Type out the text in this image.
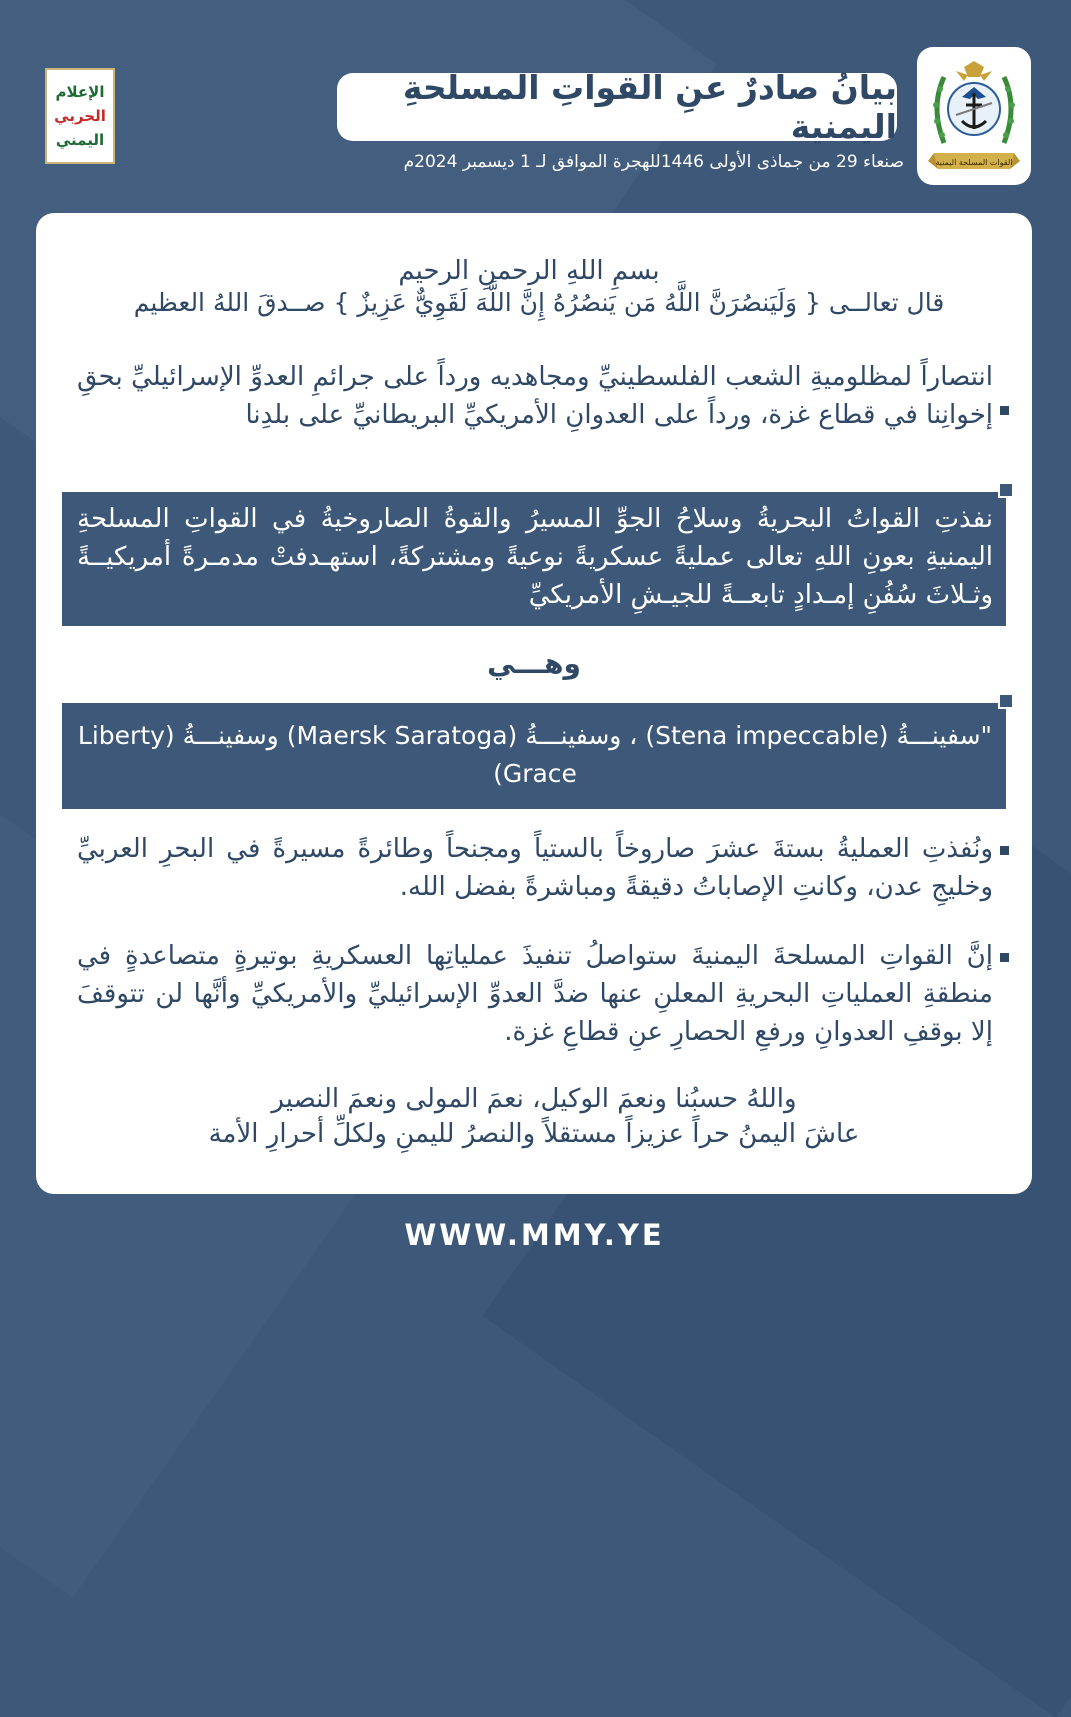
الإعلام
الحربي
اليمني
بيانُ صادرٌ عنِ القواتِ المسلحةِ اليمنية
صنعاء 29 من جماذى الأولى 1446للهجرة الموافق لـ 1 ديسمبر 2024م	القوات المسلحة اليمنية
بسمِ اللهِ الرحمنِ الرحيم
قال تعالــى { وَلَيَنصُرَنَّ اللَّهُ مَن يَنصُرُهُ إِنَّ اللَّهَ لَقَوِيٌّ عَزِيزٌ } صــدقَ اللهُ العظيم
انتصاراً لمظلوميةِ الشعب الفلسطينيِّ ومجاهديه ورداً على جرائمِ العدوِّ الإسرائيليِّ بحقِ إخوانِنا في قطاع غزة، ورداً على العدوانِ الأمريكيِّ البريطانيِّ على بلدِنا
نفذتِ القواتُ البحريةُ وسلاحُ الجوِّ المسيرُ والقوةُ الصاروخيةُ في القواتِ المسلحةِ اليمنيةِ بعونِ اللهِ تعالى عمليةً عسكريةً نوعيةً ومشتركةً، استهـدفتْ مدمـرةً أمريكيــةً وثـلاثَ سُفُنِ إمـدادٍ تابعــةً للجيـشِ الأمريكيِّ
وهـــي
"سفينـــةُ (Stena impeccable) ، وسفينـــةُ (Maersk Saratoga) وسفينـــةُ (Liberty Grace)
ونُفذتِ العمليةُ بستةَ عشرَ صاروخاً بالستياً ومجنحاً وطائرةً مسيرةً في البحرِ العربيِّ وخليجِ عدن، وكانتِ الإصاباتُ دقيقةً ومباشرةً بفضل الله.
إنَّ القواتِ المسلحةَ اليمنيةَ ستواصلُ تنفيذَ عملياتِها العسكريةِ بوتيرةٍ متصاعدةٍ في منطقةِ العملياتِ البحريةِ المعلنِ عنها ضدَّ العدوِّ الإسرائيليِّ والأمريكيِّ وأنَّها لن تتوقفَ إلا بوقفِ العدوانِ ورفعِ الحصارِ عنِ قطاعِ غزة.
واللهُ حسبُنا ونعمَ الوكيل، نعمَ المولى ونعمَ النصير
عاشَ اليمنُ حراً عزيزاً مستقلاً والنصرُ لليمنِ ولكلِّ أحرارِ الأمة
WWW.MMY.YE
